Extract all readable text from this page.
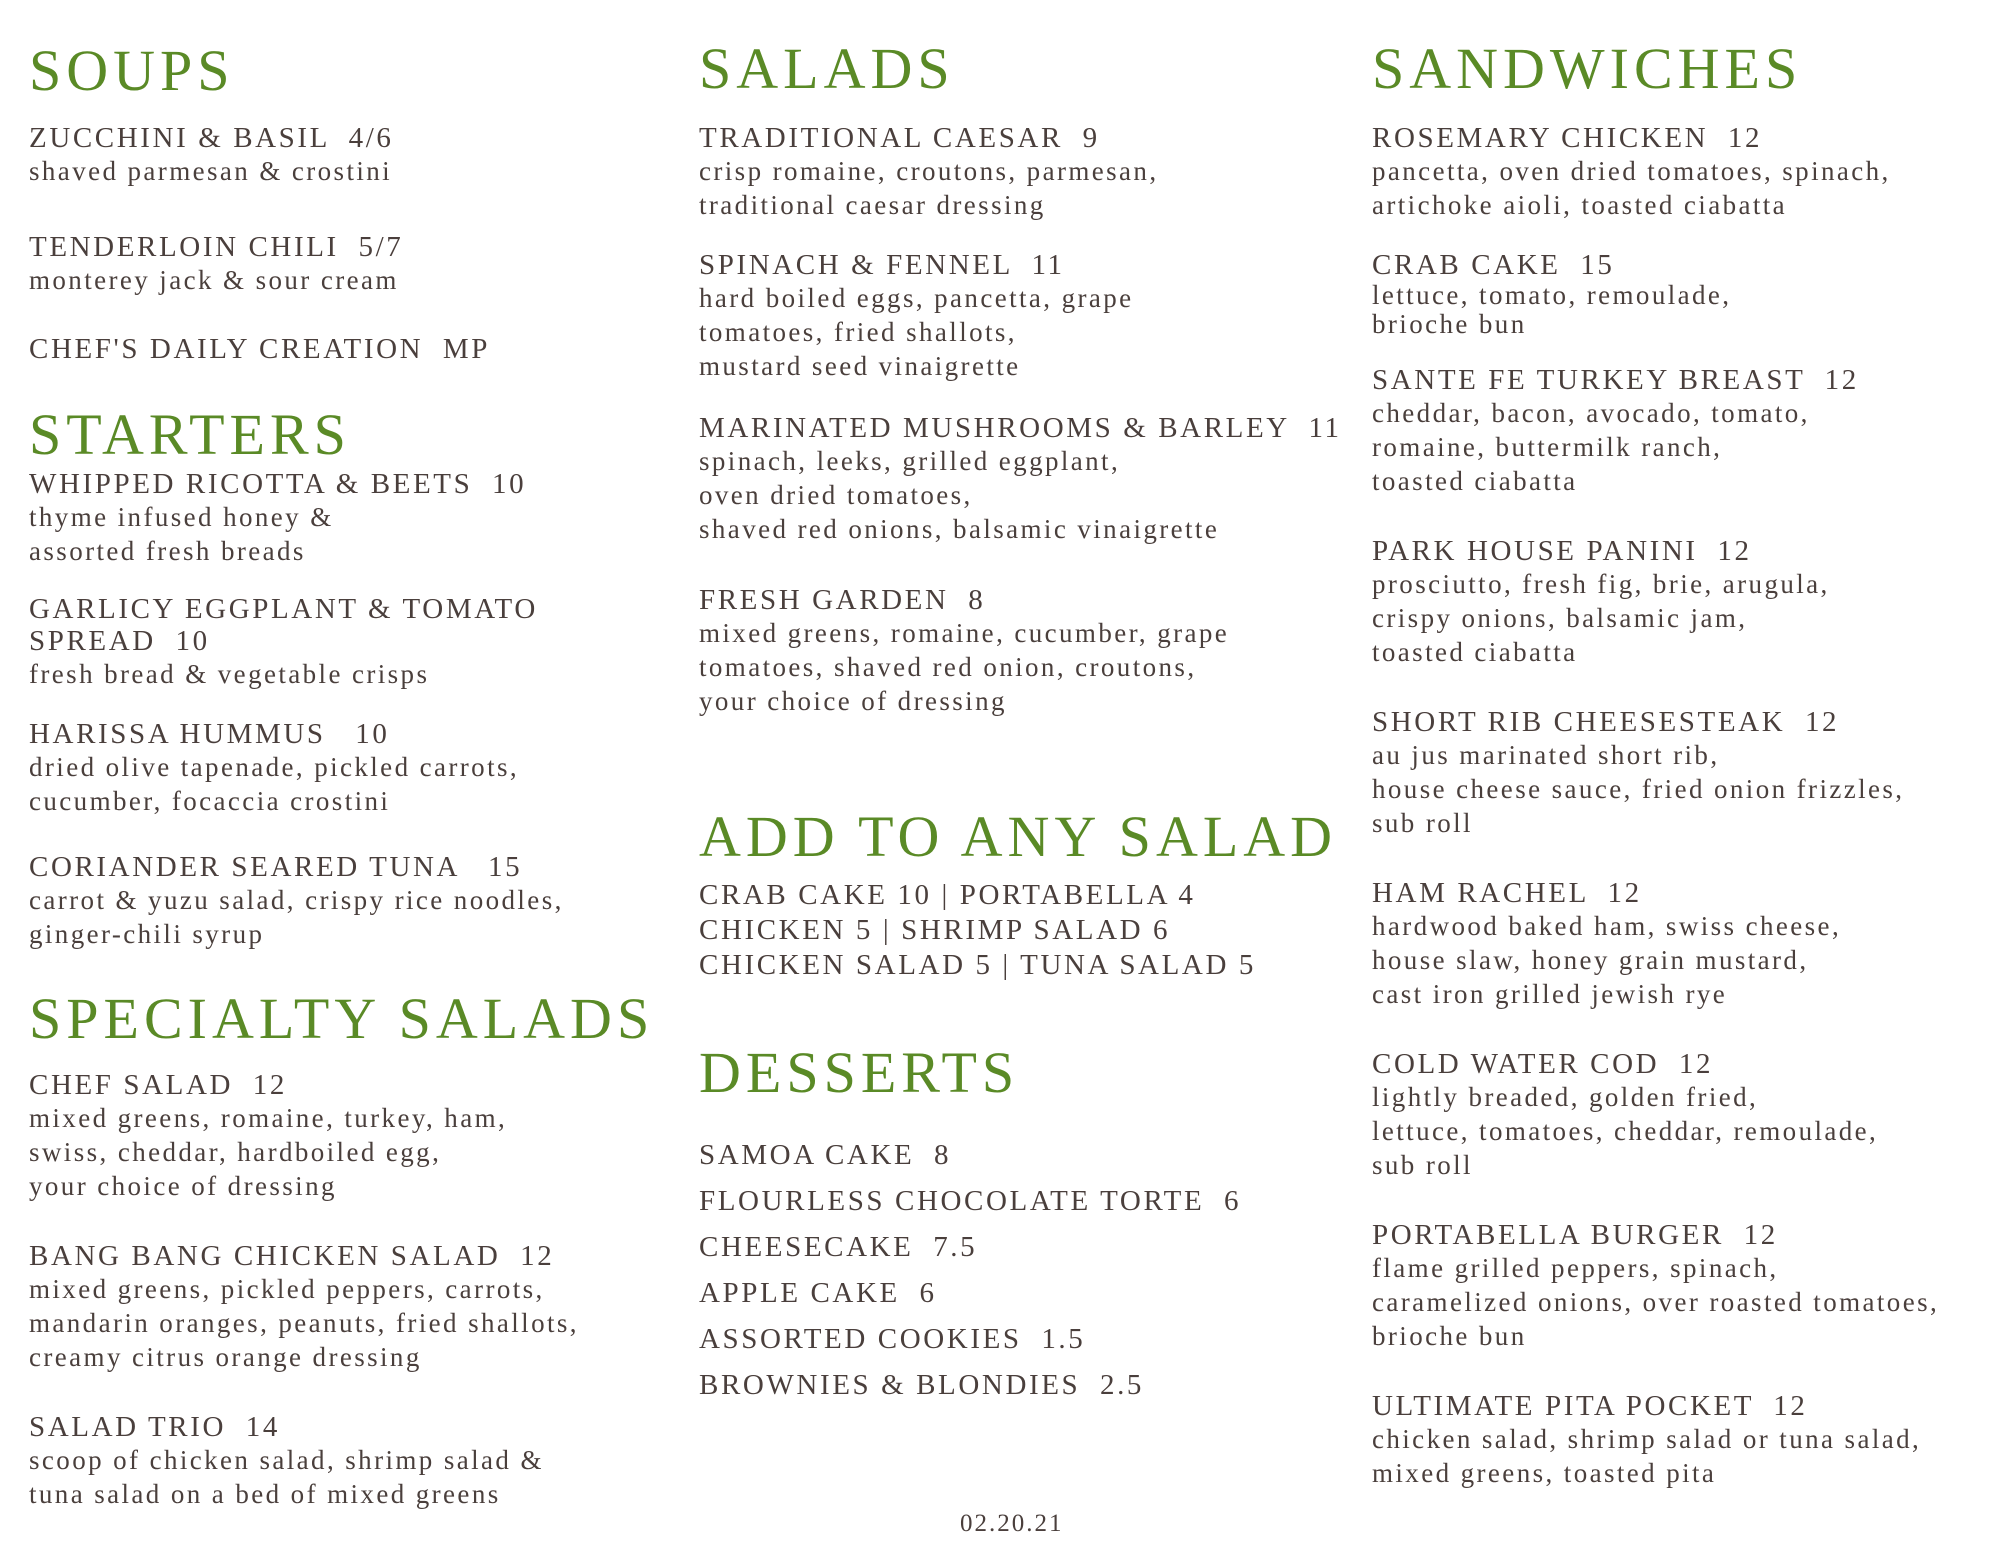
SOUPS
ZUCCHINI & BASIL  4/6
shaved parmesan & crostini
TENDERLOIN CHILI  5/7
monterey jack & sour cream
CHEF'S DAILY CREATION  MP
STARTERS
WHIPPED RICOTTA & BEETS  10
thyme infused honey &
assorted fresh breads
GARLICY EGGPLANT & TOMATO
SPREAD  10
fresh bread & vegetable crisps
HARISSA HUMMUS   10
dried olive tapenade, pickled carrots,
cucumber, focaccia crostini
CORIANDER SEARED TUNA   15
carrot & yuzu salad, crispy rice noodles,
ginger-chili syrup
SPECIALTY SALADS
CHEF SALAD  12
mixed greens, romaine, turkey, ham,
swiss, cheddar, hardboiled egg,
your choice of dressing
BANG BANG CHICKEN SALAD  12
mixed greens, pickled peppers, carrots,
mandarin oranges, peanuts, fried shallots,
creamy citrus orange dressing
SALAD TRIO  14
scoop of chicken salad, shrimp salad &
tuna salad on a bed of mixed greens
SALADS
TRADITIONAL CAESAR  9
crisp romaine, croutons, parmesan,
traditional caesar dressing
SPINACH & FENNEL  11
hard boiled eggs, pancetta, grape
tomatoes, fried shallots,
mustard seed vinaigrette
MARINATED MUSHROOMS & BARLEY  11
spinach, leeks, grilled eggplant,
oven dried tomatoes,
shaved red onions, balsamic vinaigrette
FRESH GARDEN  8
mixed greens, romaine, cucumber, grape
tomatoes, shaved red onion, croutons,
your choice of dressing
ADD TO ANY SALAD
CRAB CAKE 10 | PORTABELLA 4
CHICKEN 5 | SHRIMP SALAD 6
CHICKEN SALAD 5 | TUNA SALAD 5
DESSERTS
SAMOA CAKE  8
FLOURLESS CHOCOLATE TORTE  6
CHEESECAKE  7.5
APPLE CAKE  6
ASSORTED COOKIES  1.5
BROWNIES & BLONDIES  2.5
SANDWICHES
ROSEMARY CHICKEN  12
pancetta, oven dried tomatoes, spinach,
artichoke aioli, toasted ciabatta
CRAB CAKE  15
lettuce, tomato, remoulade,
brioche bun
SANTE FE TURKEY BREAST  12
cheddar, bacon, avocado, tomato,
romaine, buttermilk ranch,
toasted ciabatta
PARK HOUSE PANINI  12
prosciutto, fresh fig, brie, arugula,
crispy onions, balsamic jam,
toasted ciabatta
SHORT RIB CHEESESTEAK  12
au jus marinated short rib,
house cheese sauce, fried onion frizzles,
sub roll
HAM RACHEL  12
hardwood baked ham, swiss cheese,
house slaw, honey grain mustard,
cast iron grilled jewish rye
COLD WATER COD  12
lightly breaded, golden fried,
lettuce, tomatoes, cheddar, remoulade,
sub roll
PORTABELLA BURGER  12
flame grilled peppers, spinach,
caramelized onions, over roasted tomatoes,
brioche bun
ULTIMATE PITA POCKET  12
chicken salad, shrimp salad or tuna salad,
mixed greens, toasted pita
02.20.21
